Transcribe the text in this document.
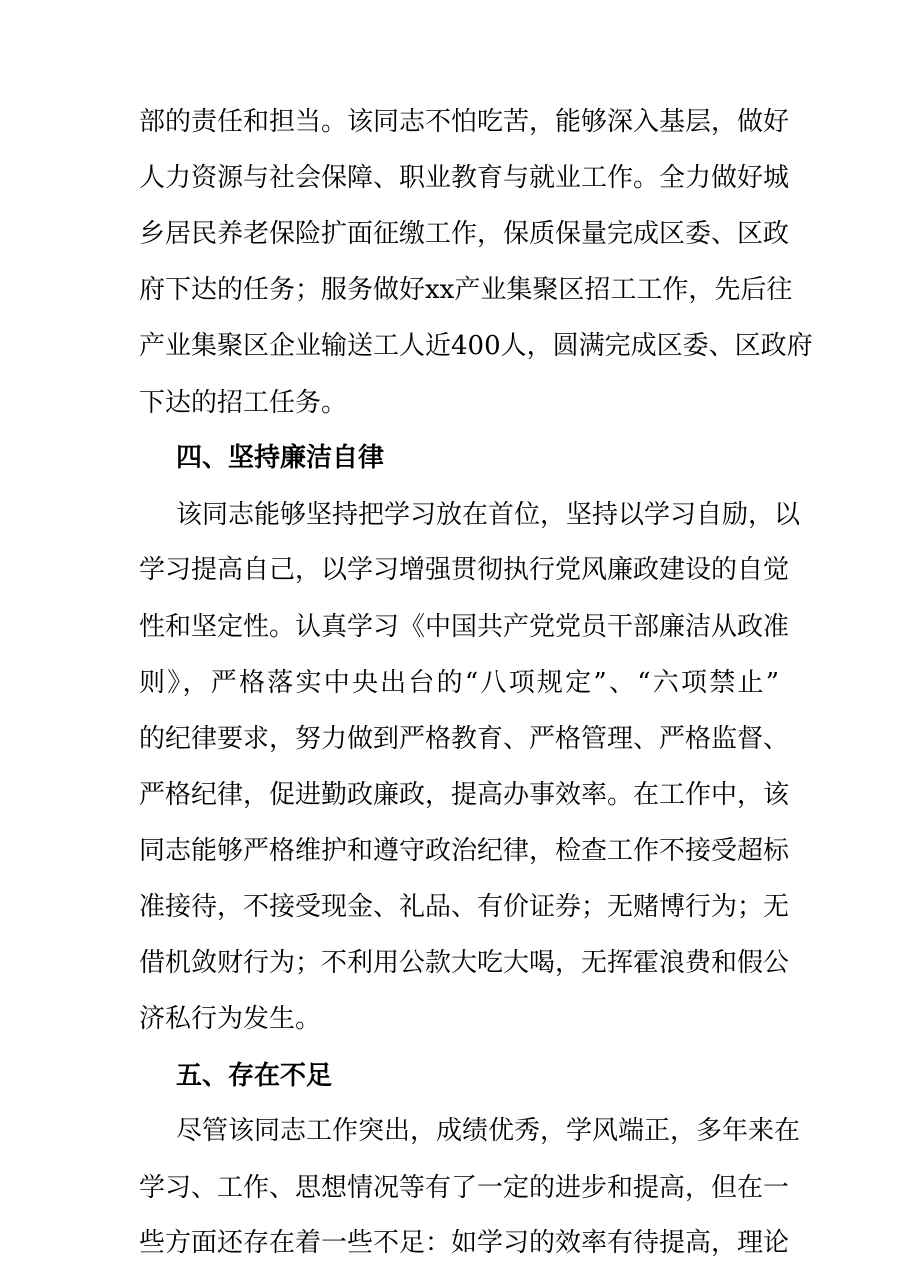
部的责任和担当。该同志不怕吃苦，能够深入基层，做好
人力资源与社会保障、职业教育与就业工作。全力做好城
乡居民养老保险扩面征缴工作，保质保量完成区委、区政
府下达的任务；服务做好xx产业集聚区招工工作，先后往
产业集聚区企业输送工人近400人，圆满完成区委、区政府
下达的招工任务。
四、坚持廉洁自律
该同志能够坚持把学习放在首位，坚持以学习自励，以
学习提高自己，以学习增强贯彻执行党风廉政建设的自觉
性和坚定性。认真学习《中国共产党党员干部廉洁从政准
则》，严格落实中央出台的“八项规定”、“六项禁止”
的纪律要求，努力做到严格教育、严格管理、严格监督、
严格纪律，促进勤政廉政，提高办事效率。在工作中，该
同志能够严格维护和遵守政治纪律，检查工作不接受超标
准接待，不接受现金、礼品、有价证券；无赌博行为；无
借机敛财行为；不利用公款大吃大喝，无挥霍浪费和假公
济私行为发生。
五、存在不足
尽管该同志工作突出，成绩优秀，学风端正，多年来在
学习、工作、思想情况等有了一定的进步和提高，但在一
些方面还存在着一些不足：如学习的效率有待提高，理论
